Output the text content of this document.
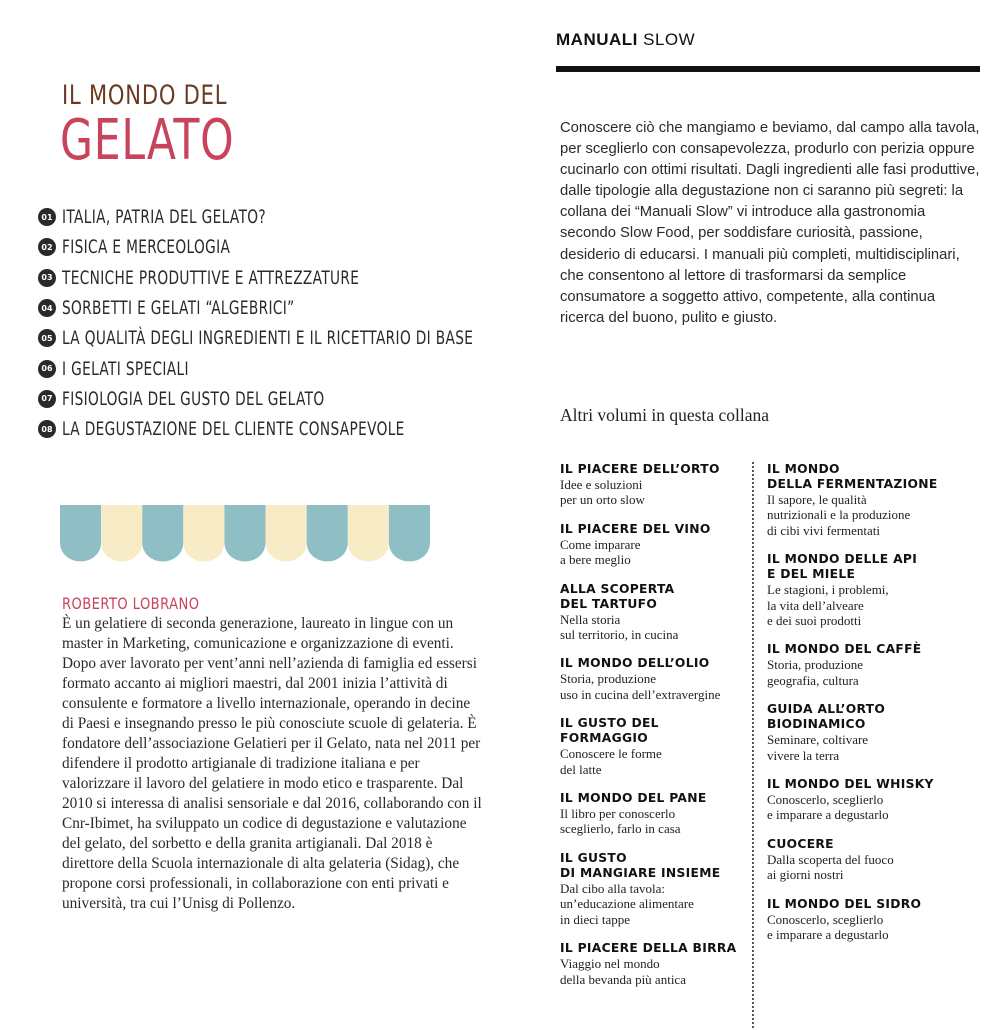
MANUALI SLOW
IL MONDO DEL
GELATO
01 ITALIA, PATRIA DEL GELATO?
02 FISICA E MERCEOLOGIA
03 TECNICHE PRODUTTIVE E ATTREZZATURE
04 SORBETTI E GELATI “ALGEBRICI”
05 LA QUALITÀ DEGLI INGREDIENTI E IL RICETTARIO DI BASE
06 I GELATI SPECIALI
07 FISIOLOGIA DEL GUSTO DEL GELATO
08 LA DEGUSTAZIONE DEL CLIENTE CONSAPEVOLE
ROBERTO LOBRANO
È un gelatiere di seconda generazione, laureato in lingue con un master in Marketing, comunicazione e organizzazione di eventi. Dopo aver lavorato per vent’anni nell’azienda di famiglia ed essersi formato accanto ai migliori maestri, dal 2001 inizia l’attività di consulente e formatore a livello internazionale, operando in decine di Paesi e insegnando presso le più conosciute scuole di gelateria. È fondatore dell’associazione Gelatieri per il Gelato, nata nel 2011 per difendere il prodotto artigianale di tradizione italiana e per valorizzare il lavoro del gelatiere in modo etico e trasparente. Dal 2010 si interessa di analisi sensoriale e dal 2016, collaborando con il Cnr-Ibimet, ha sviluppato un codice di degustazione e valutazione del gelato, del sorbetto e della granita artigianali. Dal 2018 è direttore della Scuola internazionale di alta gelateria (Sidag), che propone corsi professionali, in collaborazione con enti privati e università, tra cui l’Unisg di Pollenzo.
Conoscere ciò che mangiamo e beviamo, dal campo alla tavola, per sceglierlo con consapevolezza, produrlo con perizia oppure cucinarlo con ottimi risultati. Dagli ingredienti alle fasi produttive, dalle tipologie alla degustazione non ci saranno più segreti: la collana dei “Manuali Slow” vi introduce alla gastronomia secondo Slow Food, per soddisfare curiosità, passione, desiderio di educarsi. I manuali più completi, multidisciplinari, che consentono al lettore di trasformarsi da semplice consumatore a soggetto attivo, competente, alla continua ricerca del buono, pulito e giusto.
Altri volumi in questa collana
IL PIACERE DELL’ORTO
Idee e soluzioni
per un orto slow
IL PIACERE DEL VINO
Come imparare
a bere meglio
ALLA SCOPERTA
DEL TARTUFO
Nella storia
sul territorio, in cucina
IL MONDO DELL’OLIO
Storia, produzione
uso in cucina dell’extravergine
IL GUSTO DEL FORMAGGIO
Conoscere le forme
del latte
IL MONDO DEL PANE
Il libro per conoscerlo
sceglierlo, farlo in casa
IL GUSTO
DI MANGIARE INSIEME
Dal cibo alla tavola:
un’educazione alimentare
in dieci tappe
IL PIACERE DELLA BIRRA
Viaggio nel mondo
della bevanda più antica
IL MONDO
DELLA FERMENTAZIONE
Il sapore, le qualità
nutrizionali e la produzione
di cibi vivi fermentati
IL MONDO DELLE API
E DEL MIELE
Le stagioni, i problemi,
la vita dell’alveare
e dei suoi prodotti
IL MONDO DEL CAFFÈ
Storia, produzione
geografia, cultura
GUIDA ALL’ORTO
BIODINAMICO
Seminare, coltivare
vivere la terra
IL MONDO DEL WHISKY
Conoscerlo, sceglierlo
e imparare a degustarlo
CUOCERE
Dalla scoperta del fuoco
ai giorni nostri
IL MONDO DEL SIDRO
Conoscerlo, sceglierlo
e imparare a degustarlo
